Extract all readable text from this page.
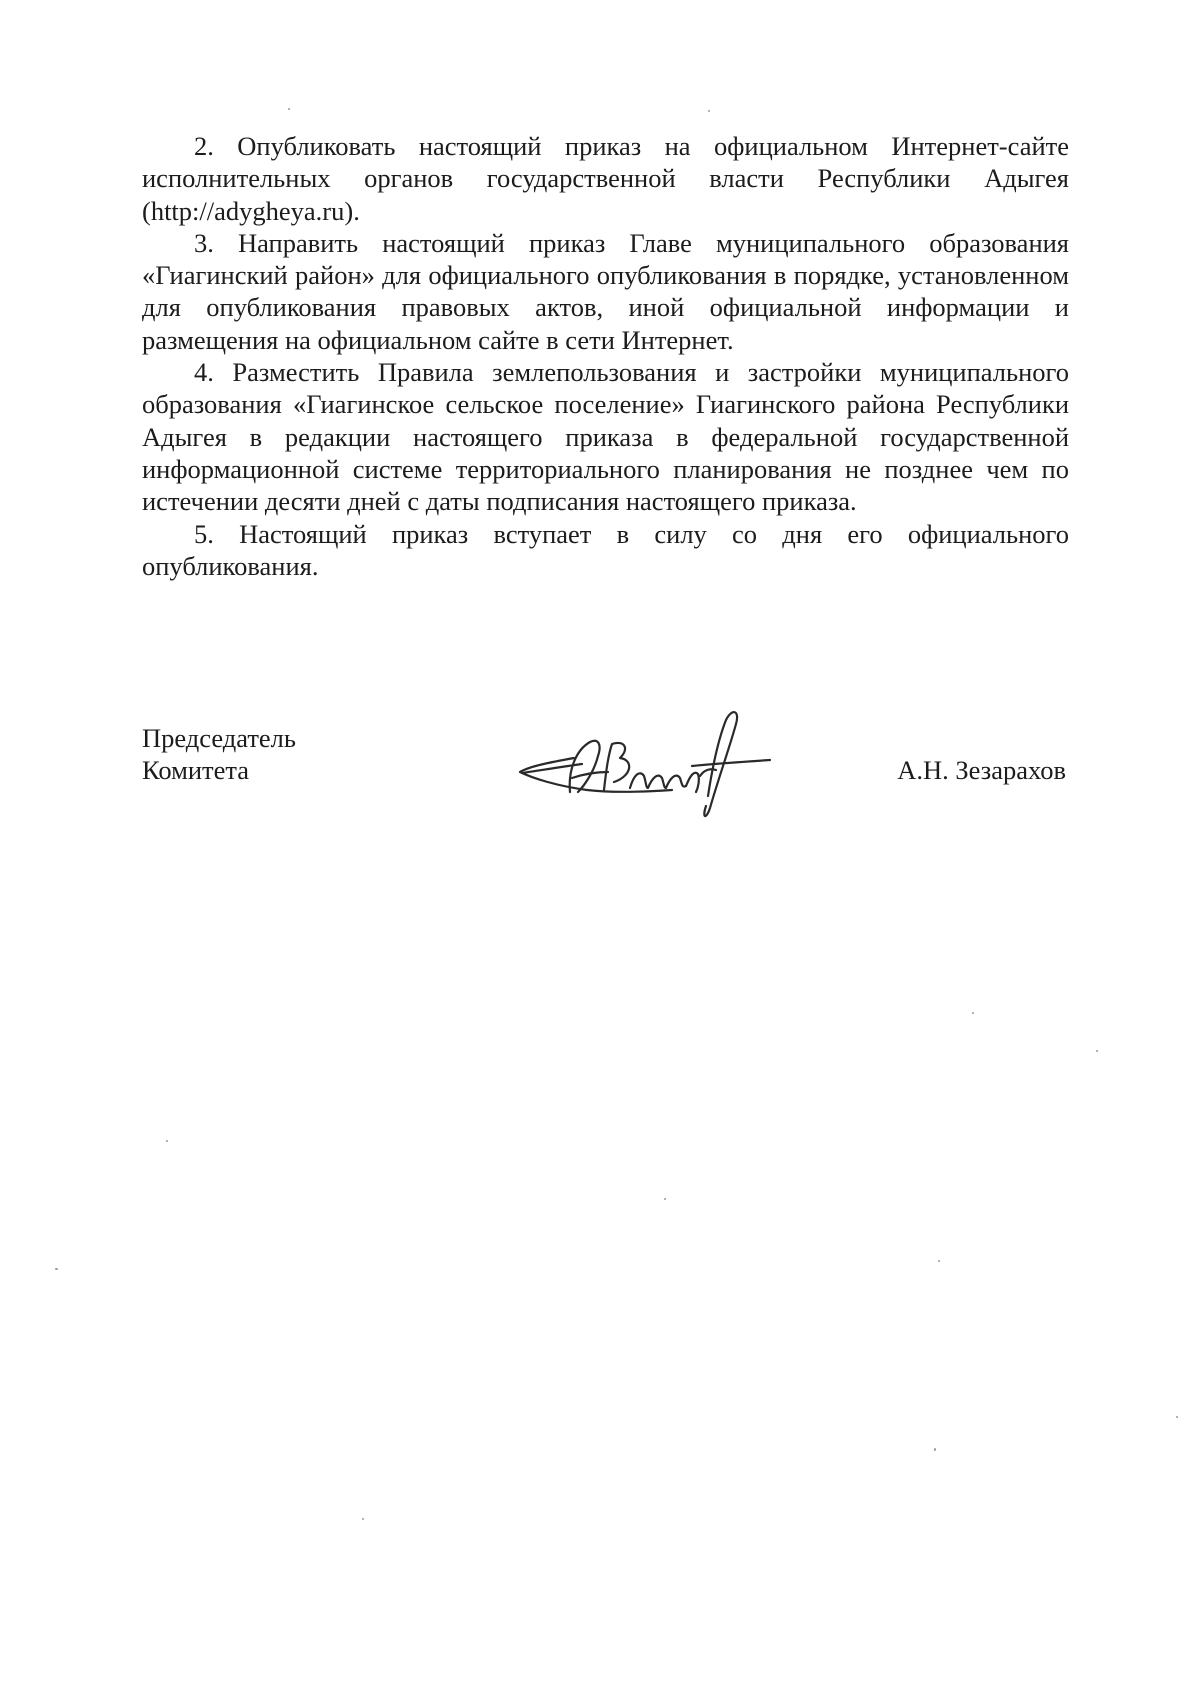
2. Опубликовать настоящий приказ на официальном Интернет-сайте исполнительных органов государственной власти Республики Адыгея (http://adygheya.ru).

3. Направить настоящий приказ Главе муниципального образования «Гиагинский район» для официального опубликования в порядке, установленном для опубликования правовых актов, иной официальной информации и размещения на официальном сайте в сети Интернет.

4. Разместить Правила землепользования и застройки муниципального образования «Гиагинское сельское поселение» Гиагинского района Республики Адыгея в редакции настоящего приказа в федеральной государственной информационной системе территориального планирования не позднее чем по истечении десяти дней с даты подписания настоящего приказа.

5. Настоящий приказ вступает в силу со дня его официального опубликования.

Председатель
Комитета	А.Н. Зезарахов
